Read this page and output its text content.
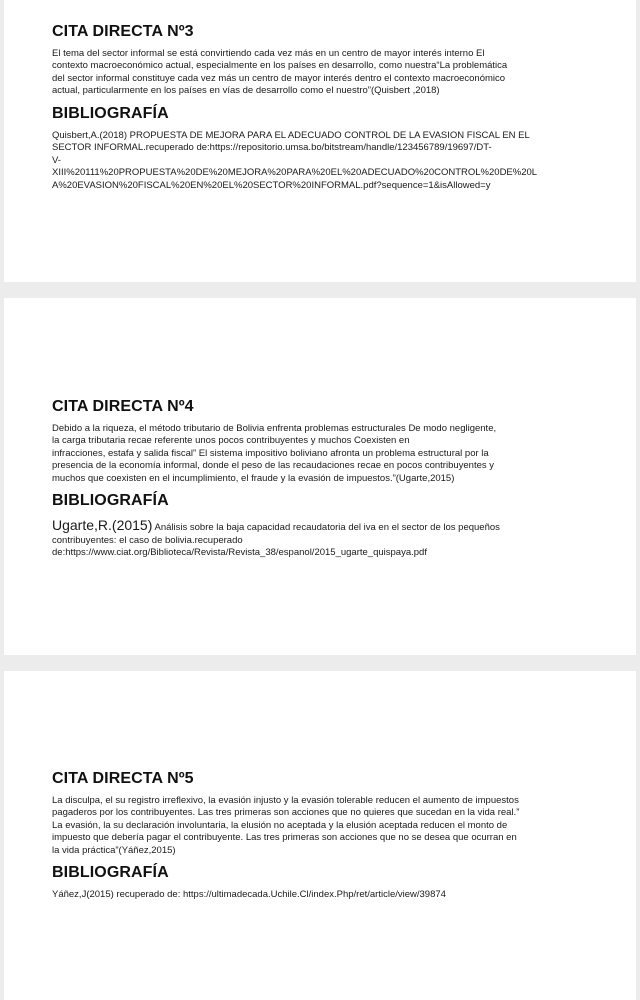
CITA DIRECTA Nº3
El tema del sector informal se está convirtiendo cada vez más en un centro de mayor interés interno El
contexto macroeconómico actual, especialmente en los países en desarrollo, como nuestra“La problemática
del sector informal constituye cada vez más un centro de mayor interés dentro el contexto macroeconómico
actual, particularmente en los países en vías de desarrollo como el nuestro”(Quisbert ,2018)
BIBLIOGRAFÍA
Quisbert,A.(2018) PROPUESTA DE MEJORA PARA EL ADECUADO CONTROL DE LA EVASION FISCAL EN EL
SECTOR INFORMAL.recuperado de:https://repositorio.umsa.bo/bitstream/handle/123456789/19697/DT-
V-
XIII%20111%20PROPUESTA%20DE%20MEJORA%20PARA%20EL%20ADECUADO%20CONTROL%20DE%20L
A%20EVASION%20FISCAL%20EN%20EL%20SECTOR%20INFORMAL.pdf?sequence=1&isAllowed=y
CITA DIRECTA Nº4
Debido a la riqueza, el método tributario de Bolivia enfrenta problemas estructurales De modo negligente,
la carga tributaria recae referente unos pocos contribuyentes y muchos Coexisten en
infracciones, estafa y salida fiscal” El sistema impositivo boliviano afronta un problema estructural por la
presencia de la economía informal, donde el peso de las recaudaciones recae en pocos contribuyentes y
muchos que coexisten en el incumplimiento, el fraude y la evasión de impuestos.”(Ugarte,2015)
BIBLIOGRAFÍA
Ugarte,R.(2015) Análisis sobre la baja capacidad recaudatoria del iva en el sector de los pequeños
contribuyentes: el caso de bolivia.recuperado
de:https://www.ciat.org/Biblioteca/Revista/Revista_38/espanol/2015_ugarte_quispaya.pdf
CITA DIRECTA Nº5
La disculpa, el su registro irreflexivo, la evasión injusto y la evasión tolerable reducen el aumento de impuestos
pagaderos por los contribuyentes. Las tres primeras son acciones que no quieres que sucedan en la vida real.”
La evasión, la su declaración involuntaria, la elusión no aceptada y la elusión aceptada reducen el monto de
impuesto que debería pagar el contribuyente. Las tres primeras son acciones que no se desea que ocurran en
la vida práctica”(Yáñez,2015)
BIBLIOGRAFÍA
Yáñez,J(2015) recuperado de: https://ultimadecada.Uchile.Cl/index.Php/ret/article/view/39874
